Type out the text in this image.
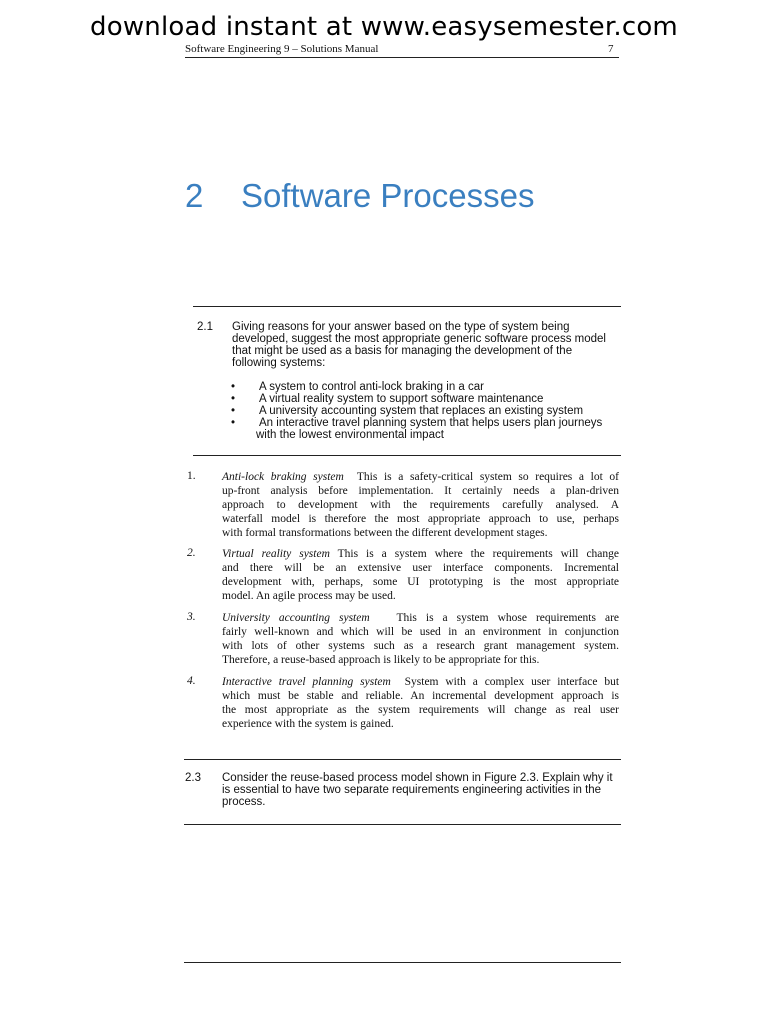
download instant at www.easysemester.com
Software Engineering 9 – Solutions Manual	7
2 Software Processes
2.1 Giving reasons for your answer based on the type of system being
developed, suggest the most appropriate generic software process model
that might be used as a basis for managing the development of the
following systems:
• A system to control anti-lock braking in a car
• A virtual reality system to support software maintenance
• A university accounting system that replaces an existing system
• An interactive travel planning system that helps users plan journeys
with the lowest environmental impact
1. Anti-lock braking system This is a safety-critical system so requires a lot of
up-front analysis before implementation. It certainly needs a plan-driven
approach to development with the requirements carefully analysed. A
waterfall model is therefore the most appropriate approach to use, perhaps
with formal transformations between the different development stages.
2. Virtual reality system This is a system where the requirements will change
and there will be an extensive user interface components. Incremental
development with, perhaps, some UI prototyping is the most appropriate
model. An agile process may be used.
3. University accounting system This is a system whose requirements are
fairly well-known and which will be used in an environment in conjunction
with lots of other systems such as a research grant management system.
Therefore, a reuse-based approach is likely to be appropriate for this.
4. Interactive travel planning system System with a complex user interface but
which must be stable and reliable. An incremental development approach is
the most appropriate as the system requirements will change as real user
experience with the system is gained.
2.3 Consider the reuse-based process model shown in Figure 2.3. Explain why it
is essential to have two separate requirements engineering activities in the
process.
